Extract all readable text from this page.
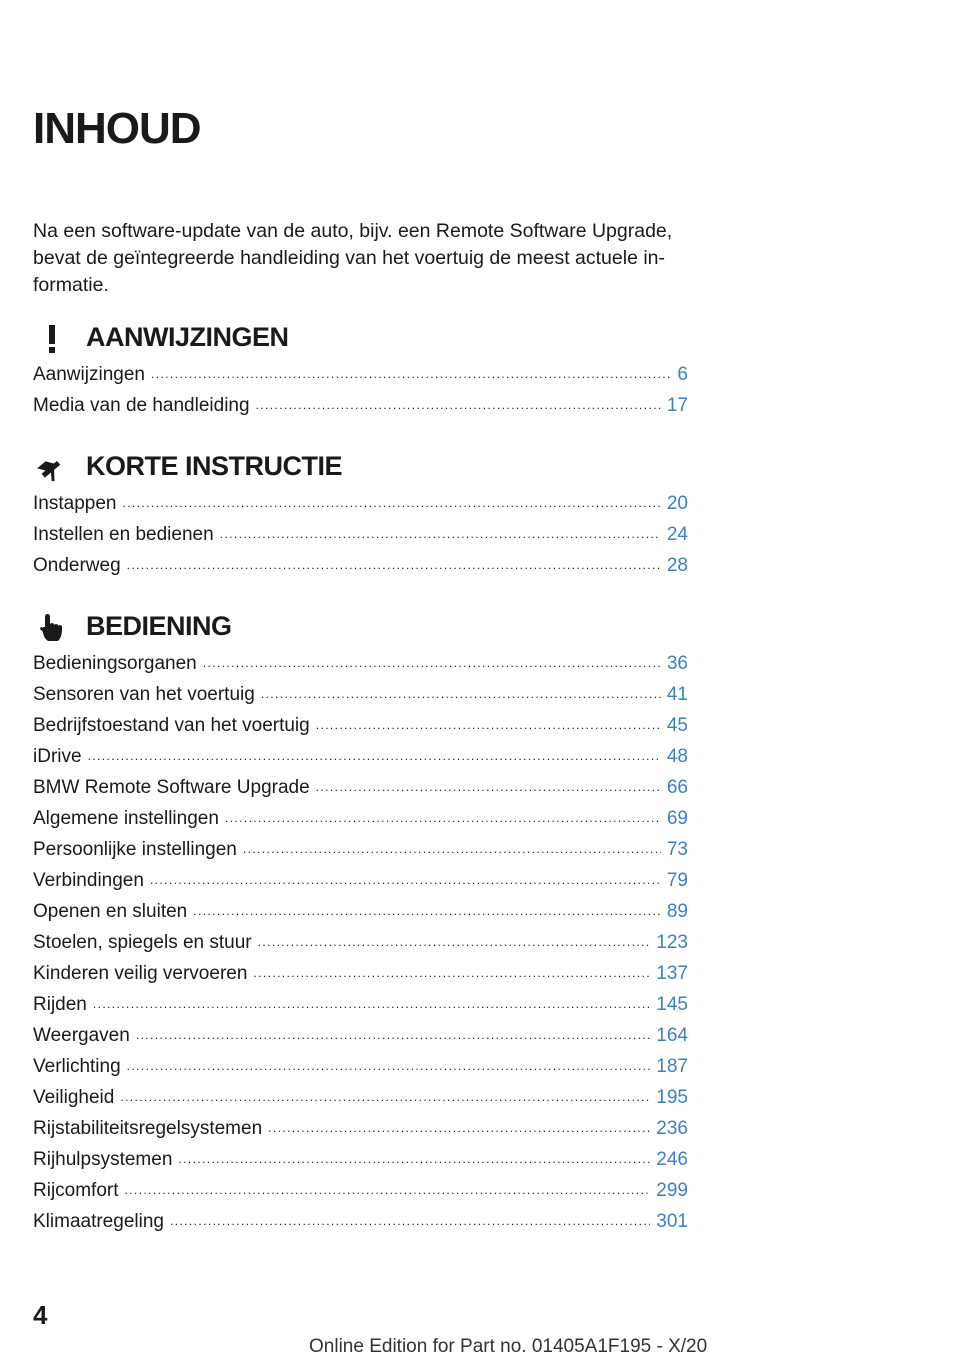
INHOUD
Na een software-update van de auto, bijv. een Remote Software Upgrade, bevat de geïntegreerde handleiding van het voertuig de meest actuele informatie.
AANWIJZINGEN
Aanwijzingen .....	6
Media van de handleiding .....	17
KORTE INSTRUCTIE
Instappen .....	20
Instellen en bedienen .....	24
Onderweg .....	28
BEDIENING
Bedieningsorganen .....	36
Sensoren van het voertuig .....	41
Bedrijfstoestand van het voertuig .....	45
iDrive .....	48
BMW Remote Software Upgrade .....	66
Algemene instellingen .....	69
Persoonlijke instellingen .....	73
Verbindingen .....	79
Openen en sluiten .....	89
Stoelen, spiegels en stuur .....	123
Kinderen veilig vervoeren .....	137
Rijden .....	145
Weergaven .....	164
Verlichting .....	187
Veiligheid .....	195
Rijstabiliteitsregelsystemen .....	236
Rijhulpsystemen .....	246
Rijcomfort .....	299
Klimaatregeling .....	301
4
Online Edition for Part no. 01405A1F195 - X/20
